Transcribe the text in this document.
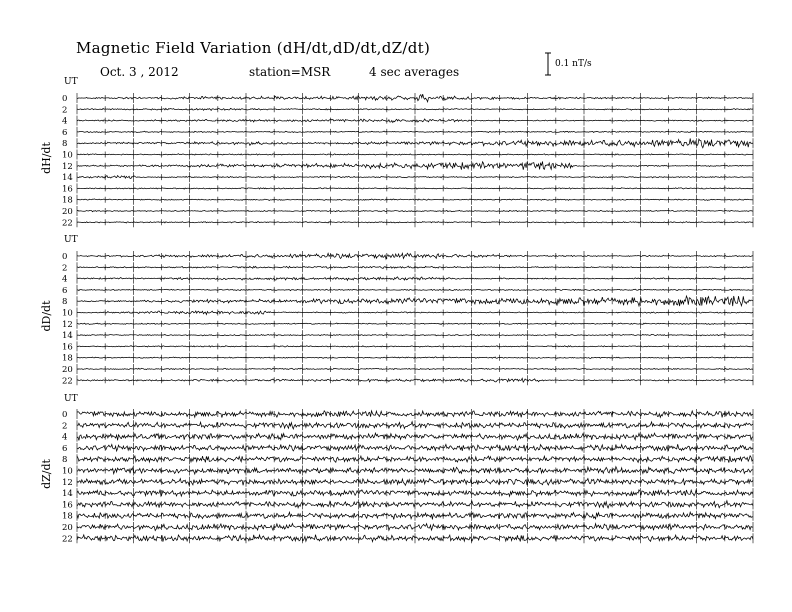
Magnetic Field Variation (dH/dt,dD/dt,dZ/dt)
Oct. 3 , 2012	station=MSR	4 sec averages
0.1 nT/s
UT
dH/dt
0
2
4
6
8
10
12
14
16
18
20
22
UT
dD/dt
0
2
4
6
8
10
12
14
16
18
20
22
UT
dZ/dt
0
2
4
6
8
10
12
14
16
18
20
22
